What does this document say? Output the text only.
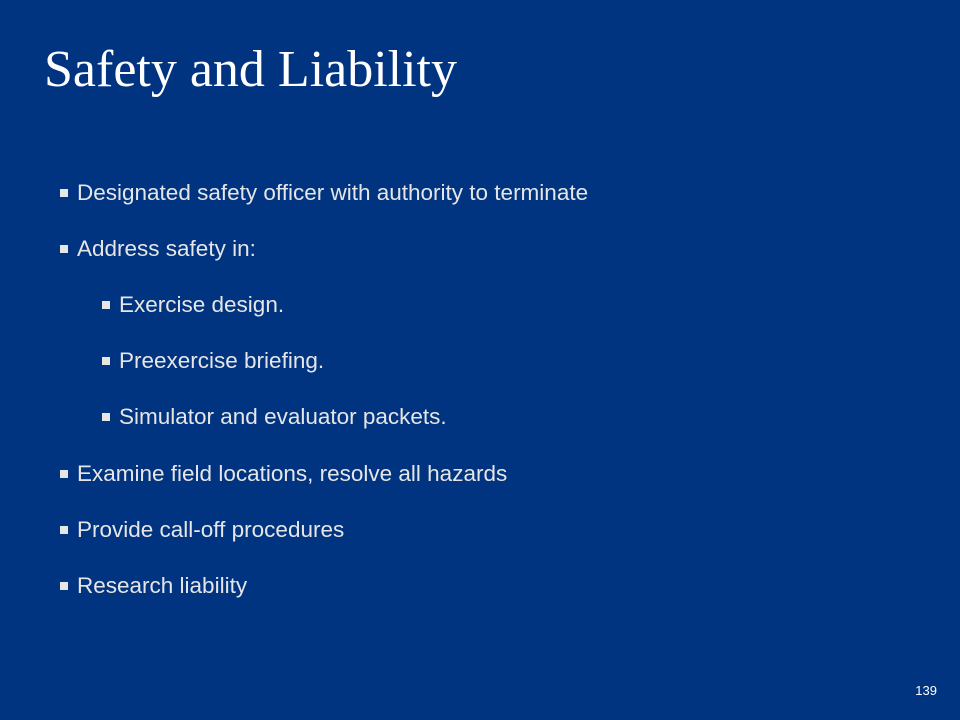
Safety and Liability
Designated safety officer with authority to terminate
Address safety in:
Exercise design.
Preexercise briefing.
Simulator and evaluator packets.
Examine field locations, resolve all hazards
Provide call-off procedures
Research liability
139
